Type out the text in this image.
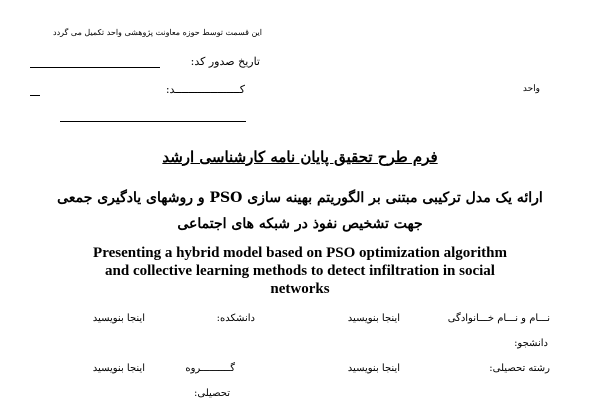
این قسمت توسط حوزه معاونت پژوهشی واحد تکمیل می گردد
تاریخ صدور کد:
کــــــــــــــــــــد:	واحد
فرم طرح تحقیق پایان نامه کارشناسی ارشد
ارائه یک مدل ترکیبی مبتنی بر الگوریتم بهینه سازی PSO و روشهای یادگیری جمعی
جهت تشخیص نفوذ در شبکه های اجتماعی
Presenting a hybrid model based on PSO optimization algorithm
and collective learning methods to detect infiltration in social
networks
نـــام و نـــام خـــانوادگی
اینجا بنویسید
دانشکده:
اینجا بنویسید
دانشجو:
رشته تحصیلی:
اینجا بنویسید
گــــــــــروه
اینجا بنویسید
تحصیلی:
